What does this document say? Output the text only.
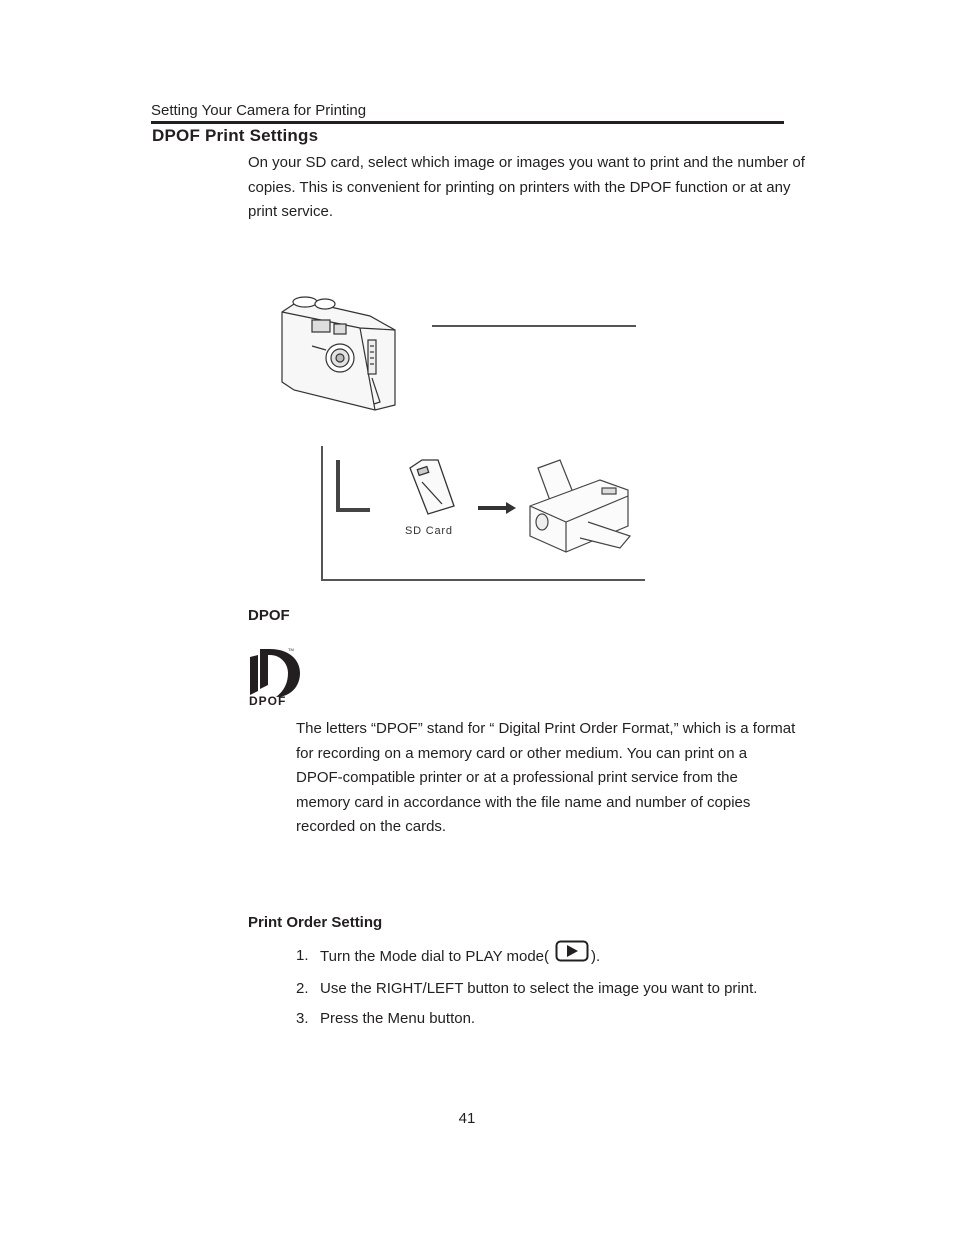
Setting Your Camera for Printing
DPOF Print Settings
On your SD card, select which image or images you want to print and the number of copies. This is convenient for printing on printers with the DPOF function or at any print service.
SD Card
DPOF
TM
DPOF
The letters “DPOF” stand for “ Digital Print Order Format,” which is a format for recording on a memory card or other medium. You can print on a DPOF-compatible printer or at a professional print service from the memory card in accordance with the file name and number of copies recorded on the cards.
Print Order Setting
1. Turn the Mode dial to PLAY mode(	).
2. Use the RIGHT/LEFT button to select the image you want to print.
3. Press the Menu button.
41
